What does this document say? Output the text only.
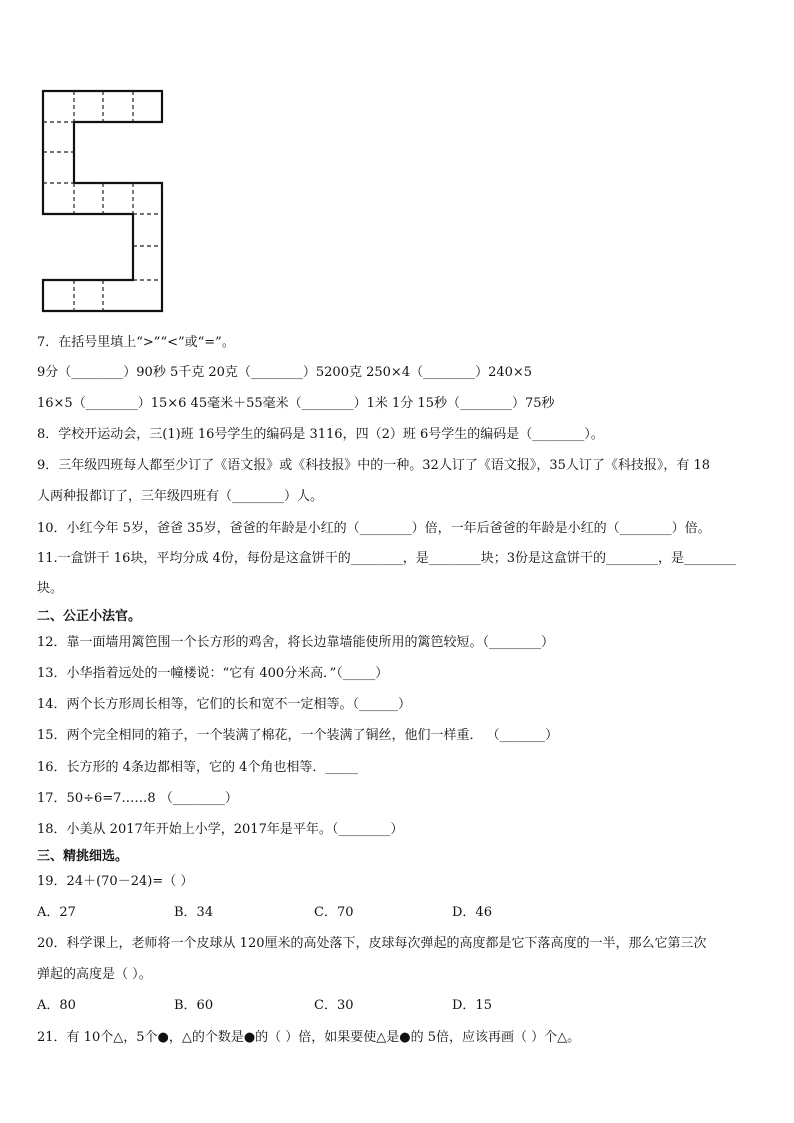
7．在括号里填上“>”“<”或“=”。
9分（________）90秒 5千克 20克（________）5200克 250×4（________）240×5
16×5（________）15×6 45毫米＋55毫米（________）1米 1分 15秒（________）75秒
8．学校开运动会，三(1)班 16号学生的编码是 3116，四（2）班 6号学生的编码是（________）。
9．三年级四班每人都至少订了《语文报》或《科技报》中的一种。32人订了《语文报》，35人订了《科技报》，有 18
人两种报都订了，三年级四班有（________）人。
10．小红今年 5岁，爸爸 35岁，爸爸的年龄是小红的（________）倍，一年后爸爸的年龄是小红的（________）倍。
11.一盒饼干 16块，平均分成 4份，每份是这盒饼干的________，是________块；3份是这盒饼干的________，是________
块。
二、公正小法官。
12．靠一面墙用篱笆围一个长方形的鸡舍，将长边靠墙能使所用的篱笆较短。（________）
13．小华指着远处的一幢楼说：“它有 400分米高．”（_____）
14．两个长方形周长相等，它们的长和宽不一定相等。（______）
15．两个完全相同的箱子，一个装满了棉花，一个装满了铜丝，他们一样重． （_______）
16．长方形的 4条边都相等，它的 4个角也相等．_____
17．50÷6=7……8 （________）
18．小美从 2017年开始上小学，2017年是平年。（________）
三、精挑细选。
19．24＋(70－24)=（ ）
A．27	B．34	C．70	D．46
20．科学课上，老师将一个皮球从 120厘米的高处落下，皮球每次弹起的高度都是它下落高度的一半，那么它第三次
弹起的高度是（ ）。
A．80	B．60	C．30	D．15
21．有 10个△，5个●，△的个数是●的（ ）倍，如果要使△是●的 5倍，应该再画（ ）个△。
